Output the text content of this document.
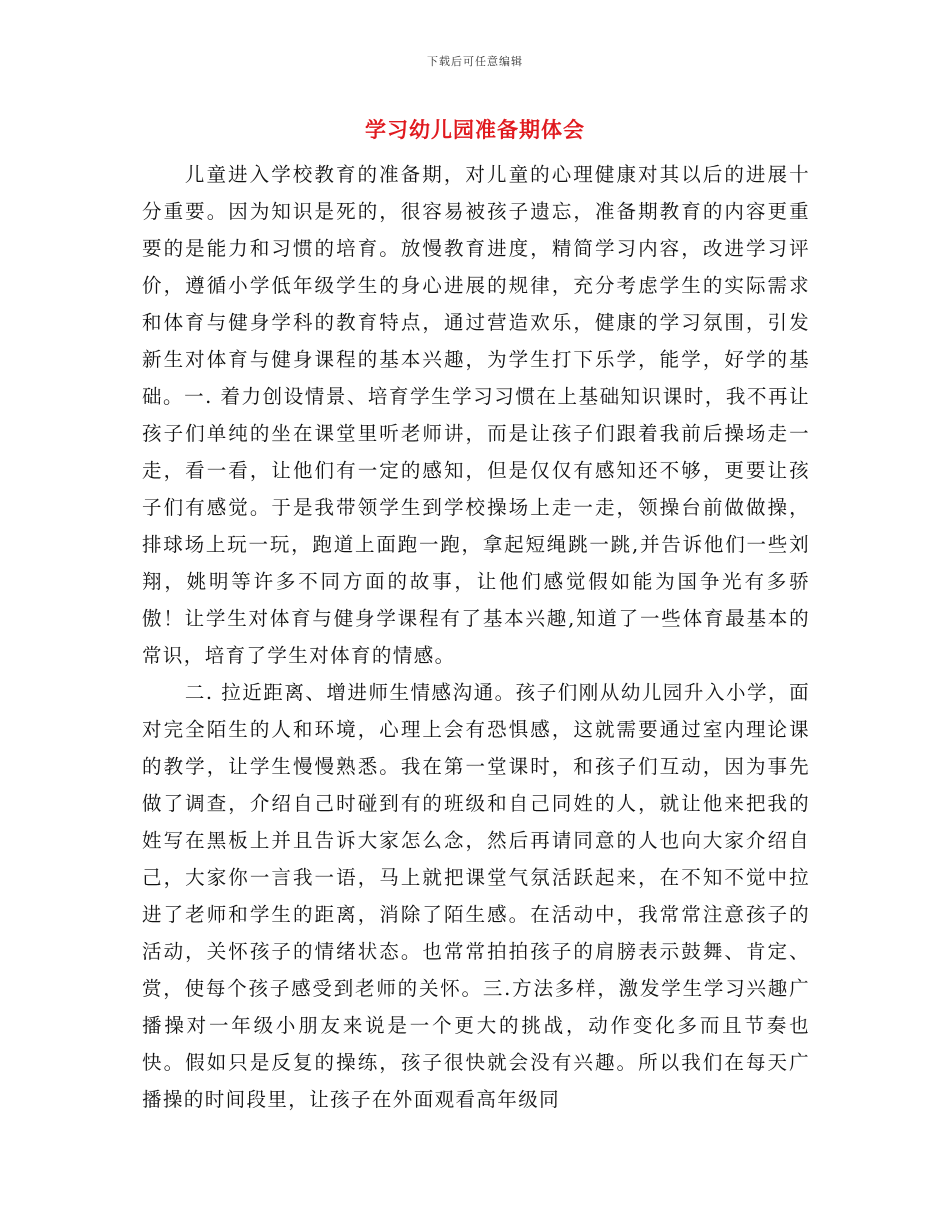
下载后可任意编辑
学习幼儿园准备期体会

儿童进入学校教育的准备期，对儿童的心理健康对其以后的进展十分重要。因为知识是死的，很容易被孩子遗忘，准备期教育的内容更重要的是能力和习惯的培育。放慢教育进度，精简学习内容，改进学习评价，遵循小学低年级学生的身心进展的规律，充分考虑学生的实际需求和体育与健身学科的教育特点，通过营造欢乐，健康的学习氛围，引发新生对体育与健身课程的基本兴趣，为学生打下乐学，能学，好学的基础。一. 着力创设情景、培育学生学习习惯在上基础知识课时，我不再让孩子们单纯的坐在课堂里听老师讲，而是让孩子们跟着我前后操场走一走，看一看，让他们有一定的感知，但是仅仅有感知还不够，更要让孩子们有感觉。于是我带领学生到学校操场上走一走，领操台前做做操，排球场上玩一玩，跑道上面跑一跑，拿起短绳跳一跳,并告诉他们一些刘翔，姚明等许多不同方面的故事，让他们感觉假如能为国争光有多骄傲！让学生对体育与健身学课程有了基本兴趣,知道了一些体育最基本的常识，培育了学生对体育的情感。

二. 拉近距离、增进师生情感沟通。孩子们刚从幼儿园升入小学，面对完全陌生的人和环境，心理上会有恐惧感，这就需要通过室内理论课的教学，让学生慢慢熟悉。我在第一堂课时，和孩子们互动，因为事先做了调查，介绍自己时碰到有的班级和自己同姓的人，就让他来把我的姓写在黑板上并且告诉大家怎么念，然后再请同意的人也向大家介绍自己，大家你一言我一语，马上就把课堂气氛活跃起来，在不知不觉中拉进了老师和学生的距离，消除了陌生感。在活动中，我常常注意孩子的活动，关怀孩子的情绪状态。也常常拍拍孩子的肩膀表示鼓舞、肯定、赏，使每个孩子感受到老师的关怀。三.方法多样，激发学生学习兴趣广播操对一年级小朋友来说是一个更大的挑战，动作变化多而且节奏也快。假如只是反复的操练，孩子很快就会没有兴趣。所以我们在每天广播操的时间段里，让孩子在外面观看高年级同
